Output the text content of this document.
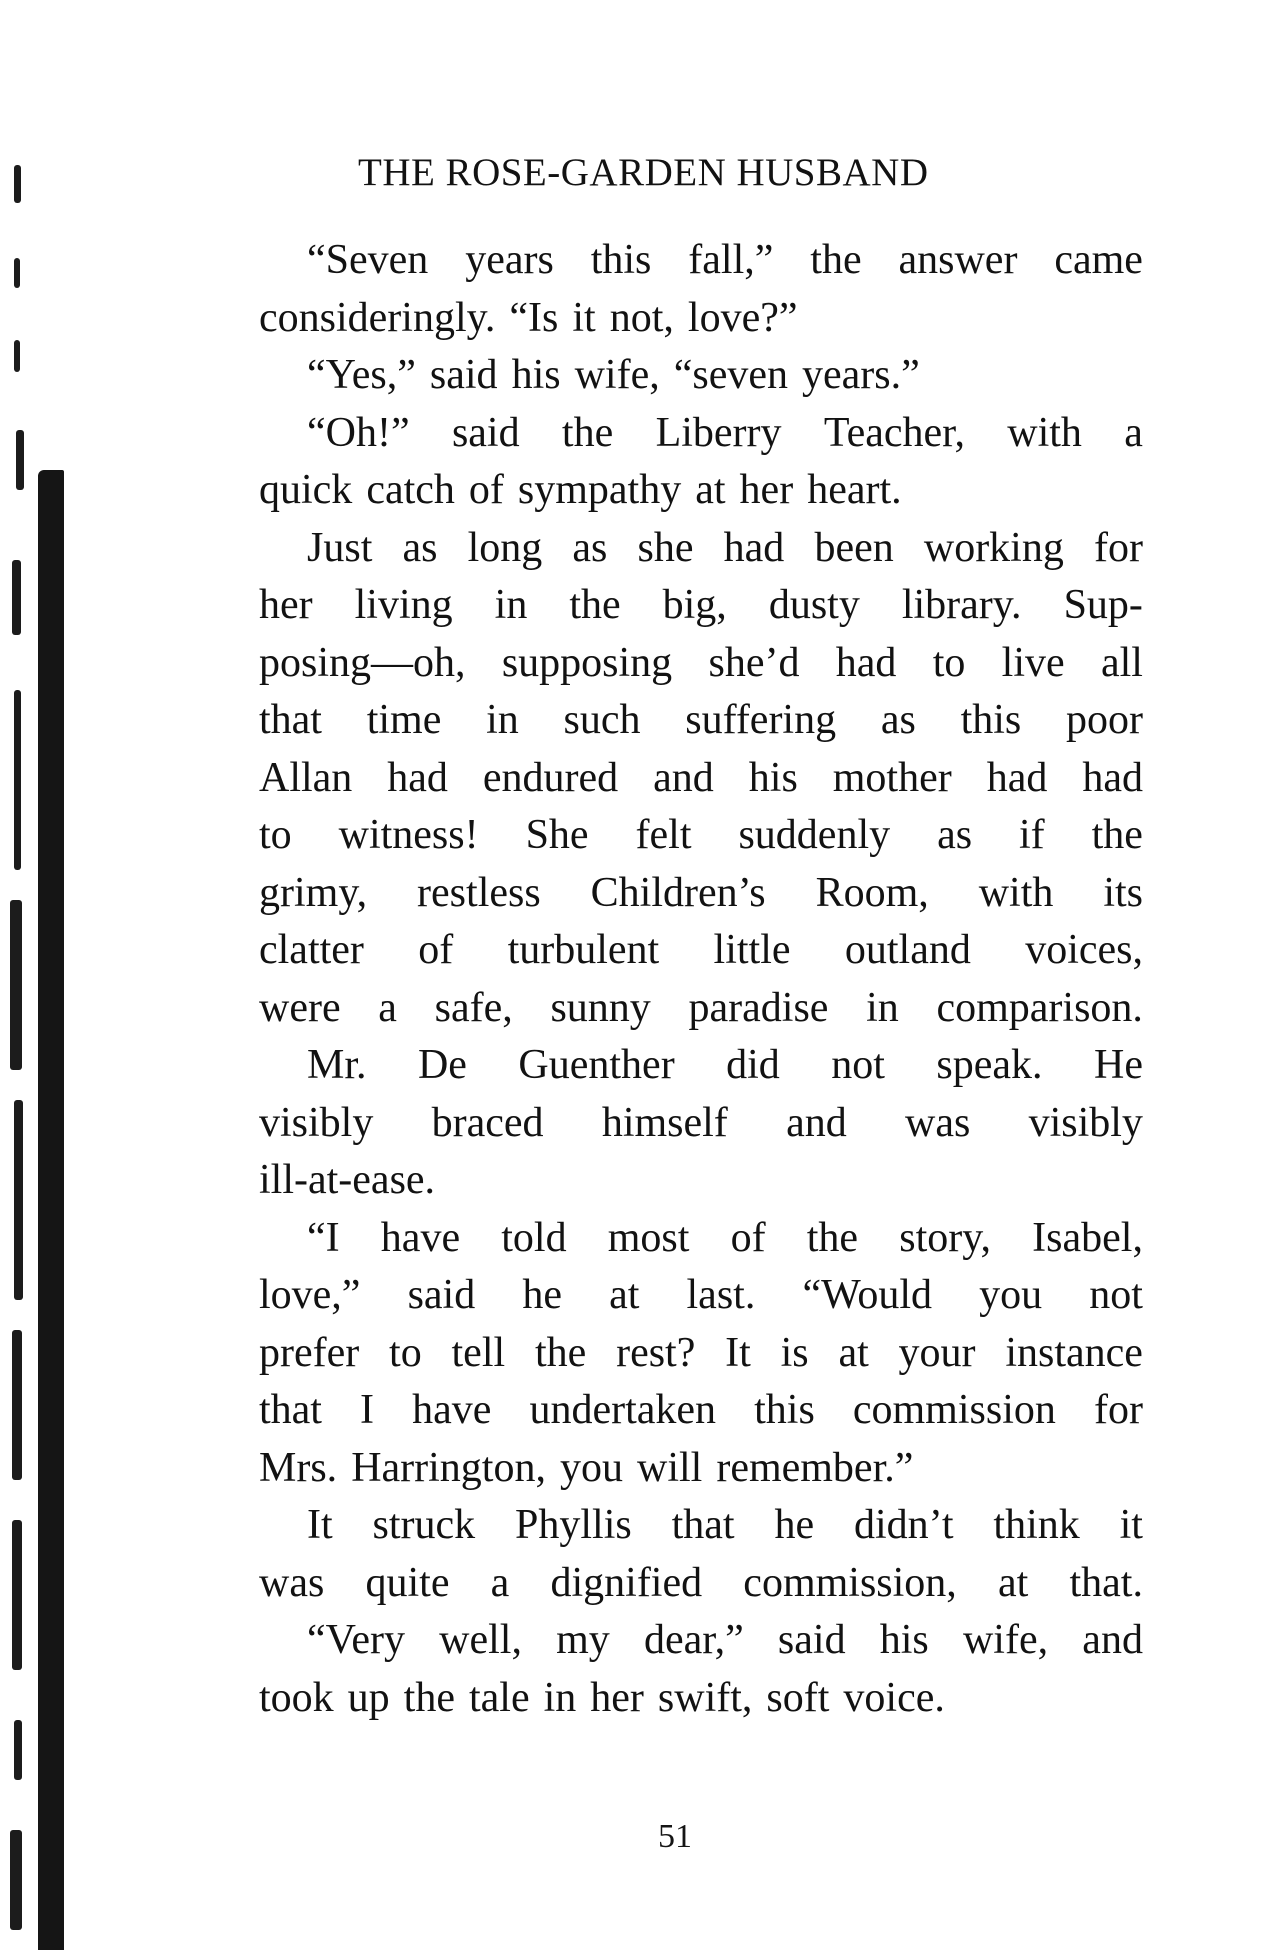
THE ROSE-GARDEN HUSBAND
“Seven years this fall,” the answer came
consideringly. “Is it not, love?”
“Yes,” said his wife, “seven years.”
“Oh!” said the Liberry Teacher, with a
quick catch of sympathy at her heart.
Just as long as she had been working for
her living in the big, dusty library. Sup-
posing—oh, supposing she’d had to live all
that time in such suffering as this poor
Allan had endured and his mother had had
to witness! She felt suddenly as if the
grimy, restless Children’s Room, with its
clatter of turbulent little outland voices,
were a safe, sunny paradise in comparison.
Mr. De Guenther did not speak. He
visibly braced himself and was visibly
ill-at-ease.
“I have told most of the story, Isabel,
love,” said he at last. “Would you not
prefer to tell the rest? It is at your instance
that I have undertaken this commission for
Mrs. Harrington, you will remember.”
It struck Phyllis that he didn’t think it
was quite a dignified commission, at that.
“Very well, my dear,” said his wife, and
took up the tale in her swift, soft voice.
51
